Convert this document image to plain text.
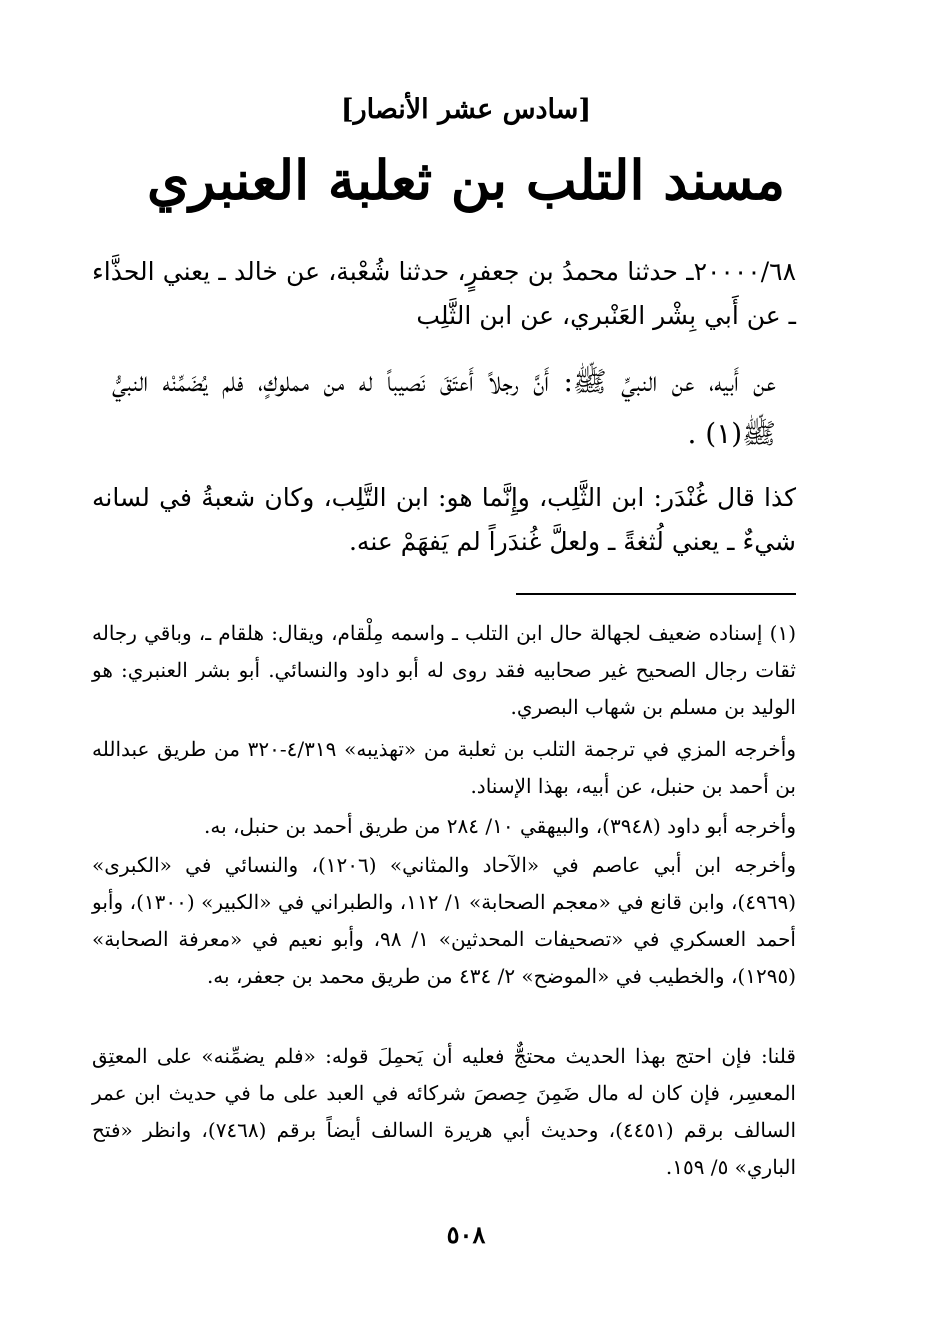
[سادس عشر الأنصار]
مسند التلب بن ثعلبة العنبري

٢٠٠٠٠/٦٨ـ حدثنا محمدُ بن جعفرٍ، حدثنا شُعْبة، عن خالد ـ يعني الحذَّاء ـ عن أَبي بِشْر العَنْبري، عن ابن الثَّلِب

عن أَبيه، عن النبيِّ ﷺ: أَنَّ رجلاً أَعتَقَ نَصيباً له من مملوكٍ، فلم يُضَمِّنْه النبيُّ ﷺ(١) .

كذا قال غُنْدَر: ابن الثَّلِب، وإِنَّما هو: ابن التَّلِب، وكان شعبةُ في لسانه شيءٌ ـ يعني لُثغةً ـ ولعلَّ غُندَراً لم يَفهَمْ عنه.

(١) إسناده ضعيف لجهالة حال ابن التلب ـ واسمه مِلْقام، ويقال: هلقام ـ، وباقي رجاله ثقات رجال الصحيح غير صحابيه فقد روى له أبو داود والنسائي. أبو بشر العنبري: هو الوليد بن مسلم بن شهاب البصري.

وأخرجه المزي في ترجمة التلب بن ثعلبة من «تهذيبه» ٤/٣١٩-٣٢٠ من طريق عبدالله بن أحمد بن حنبل، عن أبيه، بهذا الإسناد.

وأخرجه أبو داود (٣٩٤٨)، والبيهقي ١٠/ ٢٨٤ من طريق أحمد بن حنبل، به.

وأخرجه ابن أبي عاصم في «الآحاد والمثاني» (١٢٠٦)، والنسائي في «الكبرى» (٤٩٦٩)، وابن قانع في «معجم الصحابة» ١/ ١١٢، والطبراني في «الكبير» (١٣٠٠)، وأبو أحمد العسكري في «تصحيفات المحدثين» ١/ ٩٨، وأبو نعيم في «معرفة الصحابة» (١٢٩٥)، والخطيب في «الموضح» ٢/ ٤٣٤ من طريق محمد بن جعفر، به.

قلنا: فإن احتج بهذا الحديث محتجٌّ فعليه أن يَحمِلَ قوله: «فلم يضمِّنه» على المعتِق المعسِر، فإن كان له مال ضَمِنَ حِصصَ شركائه في العبد على ما في حديث ابن عمر السالف برقم (٤٤٥١)، وحديث أبي هريرة السالف أيضاً برقم (٧٤٦٨)، وانظر «فتح الباري» ٥/ ١٥٩.

٥٠٨
